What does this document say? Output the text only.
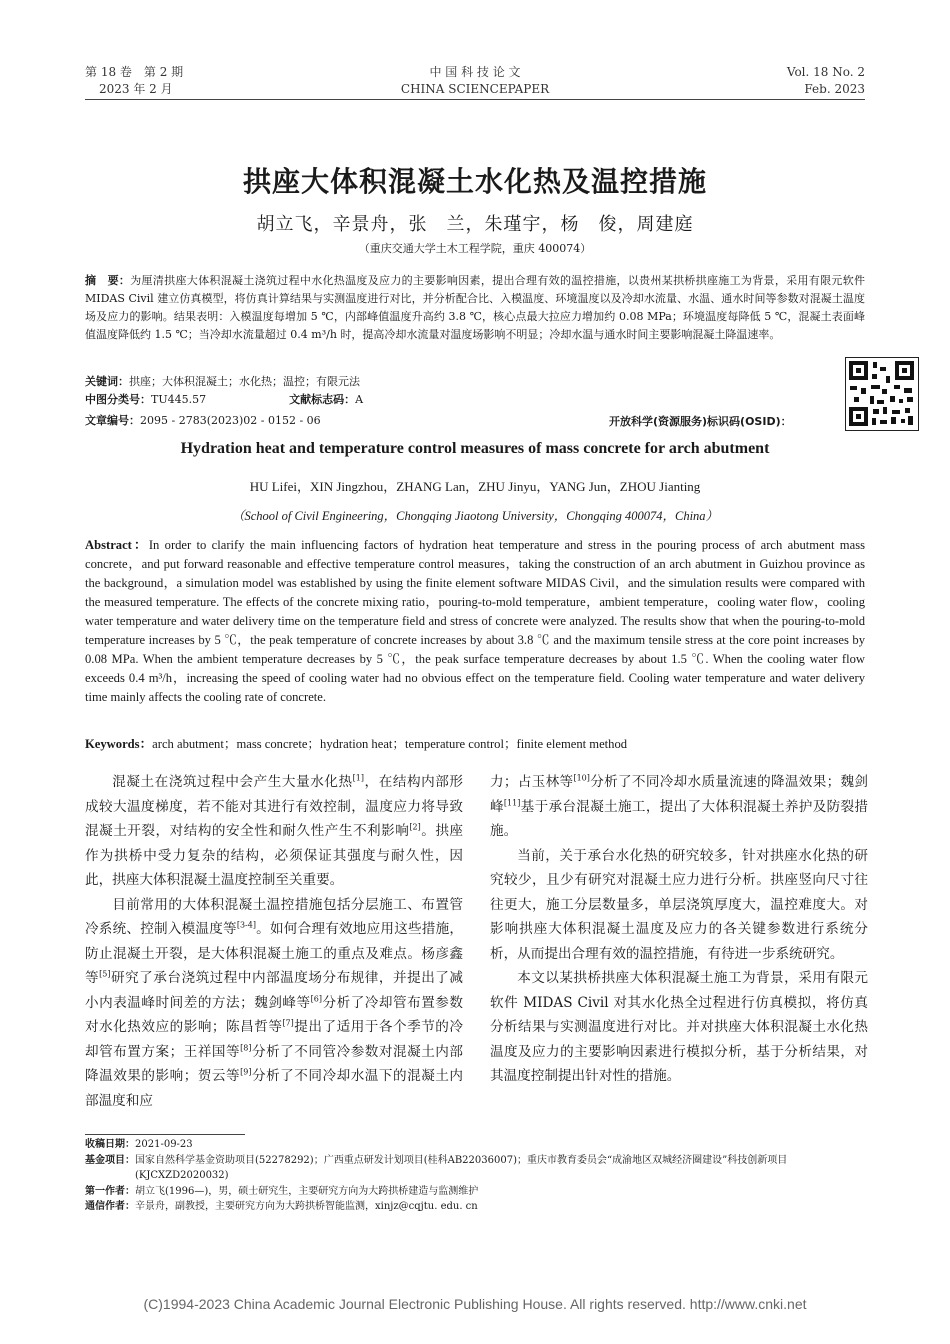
第 18 卷　第 2 期
2023 年 2 月
中 国 科 技 论 文
CHINA SCIENCEPAPER
Vol. 18 No. 2
Feb. 2023
拱座大体积混凝土水化热及温控措施
胡立飞，辛景舟，张　兰，朱瑾宇，杨　俊，周建庭
（重庆交通大学土木工程学院，重庆 400074）
摘　要：为厘清拱座大体积混凝土浇筑过程中水化热温度及应力的主要影响因素，提出合理有效的温控措施，以贵州某拱桥拱座施工为背景，采用有限元软件 MIDAS Civil 建立仿真模型，将仿真计算结果与实测温度进行对比，并分析配合比、入模温度、环境温度以及冷却水流量、水温、通水时间等参数对混凝土温度场及应力的影响。结果表明：入模温度每增加 5 ℃，内部峰值温度升高约 3.8 ℃，核心点最大拉应力增加约 0.08 MPa；环境温度每降低 5 ℃，混凝土表面峰值温度降低约 1.5 ℃；当冷却水流量超过 0.4 m³/h 时，提高冷却水流量对温度场影响不明显；冷却水温与通水时间主要影响混凝土降温速率。
关键词：拱座；大体积混凝土；水化热；温控；有限元法
中图分类号：TU445.57	文献标志码：A
文章编号：2095 - 2783(2023)02 - 0152 - 06	开放科学(资源服务)标识码(OSID)：
Hydration heat and temperature control measures of mass concrete for arch abutment
HU Lifei，XIN Jingzhou，ZHANG Lan，ZHU Jinyu，YANG Jun，ZHOU Jianting
（School of Civil Engineering，Chongqing Jiaotong University，Chongqing 400074，China）
Abstract：In order to clarify the main influencing factors of hydration heat temperature and stress in the pouring process of arch abutment mass concrete，and put forward reasonable and effective temperature control measures，taking the construction of an arch abutment in Guizhou province as the background，a simulation model was established by using the finite element software MIDAS Civil，and the simulation results were compared with the measured temperature. The effects of the concrete mixing ratio，pouring-to-mold temperature，ambient temperature，cooling water flow，cooling water temperature and water delivery time on the temperature field and stress of concrete were analyzed. The results show that when the pouring-to-mold temperature increases by 5 ℃，the peak temperature of concrete increases by about 3.8 ℃ and the maximum tensile stress at the core point increases by 0.08 MPa. When the ambient temperature decreases by 5 ℃，the peak surface temperature decreases by about 1.5 ℃. When the cooling water flow exceeds 0.4 m³/h，increasing the speed of cooling water had no obvious effect on the temperature field. Cooling water temperature and water delivery time mainly affects the cooling rate of concrete.
Keywords：arch abutment；mass concrete；hydration heat；temperature control；finite element method

混凝土在浇筑过程中会产生大量水化热[1]，在结构内部形成较大温度梯度，若不能对其进行有效控制，温度应力将导致混凝土开裂，对结构的安全性和耐久性产生不利影响[2]。拱座作为拱桥中受力复杂的结构，必须保证其强度与耐久性，因此，拱座大体积混凝土温度控制至关重要。

目前常用的大体积混凝土温控措施包括分层施工、布置管冷系统、控制入模温度等[3-4]。如何合理有效地应用这些措施，防止混凝土开裂，是大体积混凝土施工的重点及难点。杨彦鑫等[5]研究了承台浇筑过程中内部温度场分布规律，并提出了减小内表温峰时间差的方法；魏剑峰等[6]分析了冷却管布置参数对水化热效应的影响；陈昌哲等[7]提出了适用于各个季节的冷却管布置方案；王祥国等[8]分析了不同管冷参数对混凝土内部降温效果的影响；贺云等[9]分析了不同冷却水温下的混凝土内部温度和应

力；占玉林等[10]分析了不同冷却水质量流速的降温效果；魏剑峰[11]基于承台混凝土施工，提出了大体积混凝土养护及防裂措施。

当前，关于承台水化热的研究较多，针对拱座水化热的研究较少，且少有研究对混凝土应力进行分析。拱座竖向尺寸往往更大，施工分层数量多，单层浇筑厚度大，温控难度大。对影响拱座大体积混凝土温度及应力的各关键参数进行系统分析，从而提出合理有效的温控措施，有待进一步系统研究。

本文以某拱桥拱座大体积混凝土施工为背景，采用有限元软件 MIDAS Civil 对其水化热全过程进行仿真模拟，将仿真分析结果与实测温度进行对比。并对拱座大体积混凝土水化热温度及应力的主要影响因素进行模拟分析，基于分析结果，对其温度控制提出针对性的措施。

收稿日期： 2021-09-23
基金项目： 国家自然科学基金资助项目(52278292)；广西重点研发计划项目(桂科AB22036007)；重庆市教育委员会“成渝地区双城经济圈建设”科技创新项目(KJCXZD2020032)
第一作者： 胡立飞(1996—)，男，硕士研究生，主要研究方向为大跨拱桥建造与监测维护
通信作者： 辛景舟，副教授，主要研究方向为大跨拱桥智能监测，xinjz@cqjtu. edu. cn
(C)1994-2023 China Academic Journal Electronic Publishing House. All rights reserved. http://www.cnki.net
